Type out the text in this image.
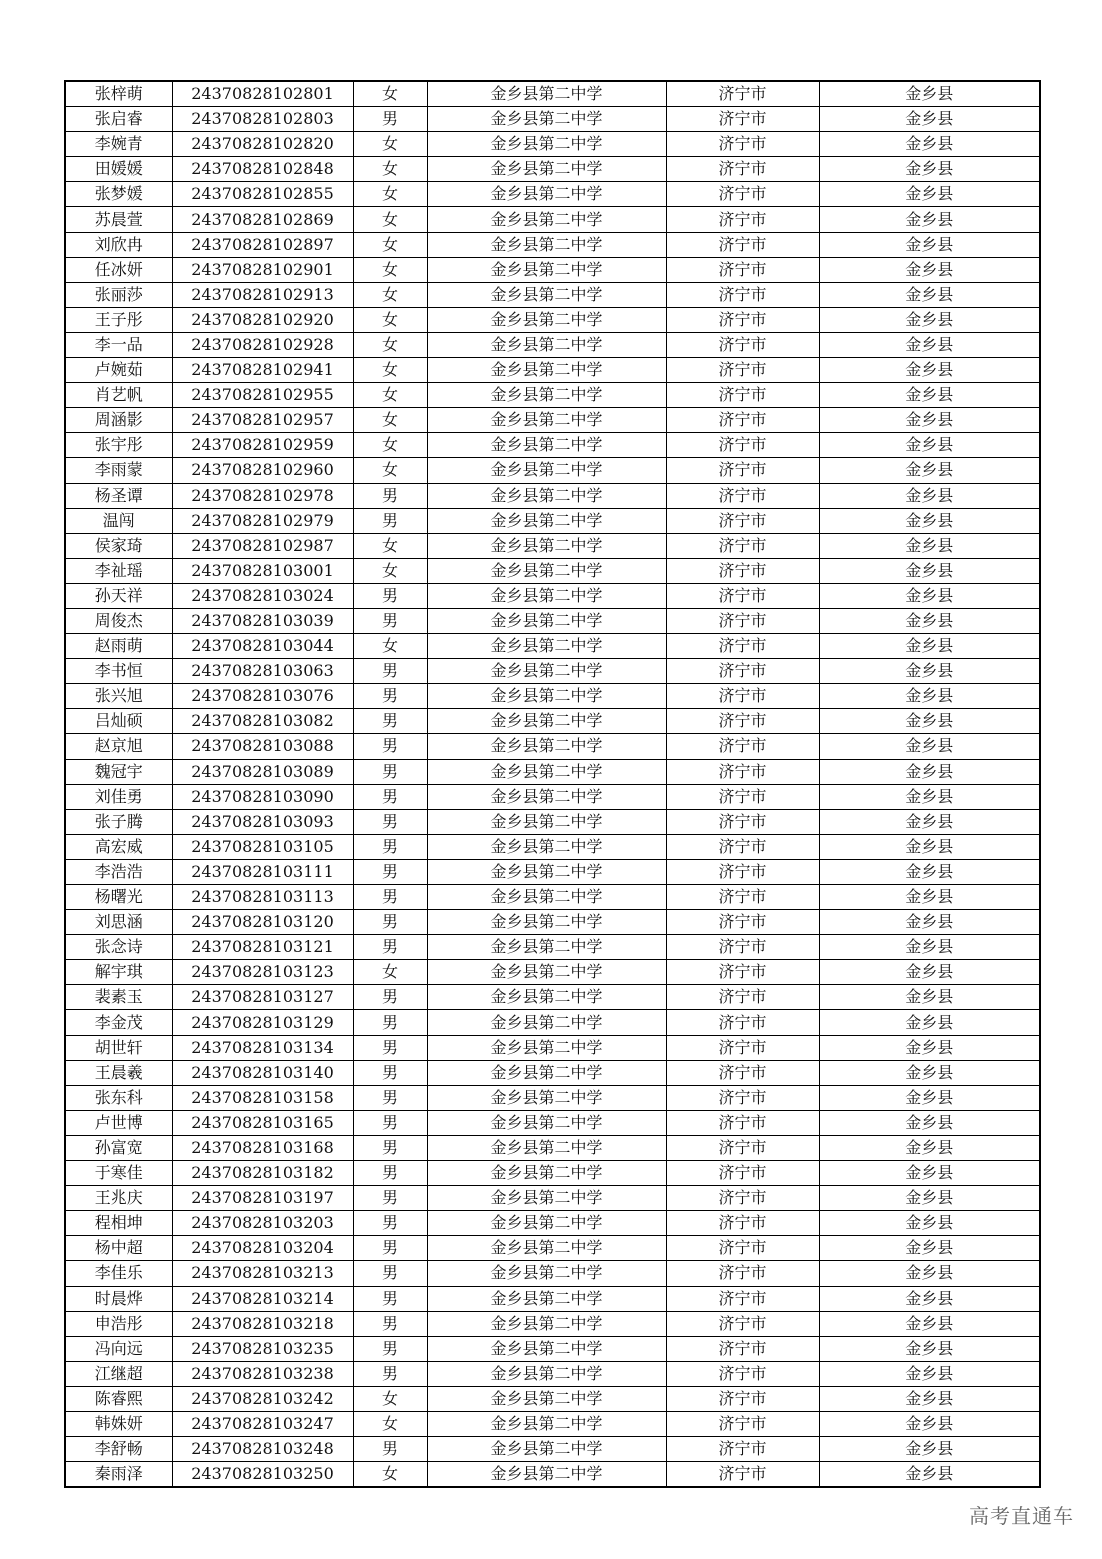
张梓萌	24370828102801	女	金乡县第二中学	济宁市	金乡县
张启睿	24370828102803	男	金乡县第二中学	济宁市	金乡县
李婉青	24370828102820	女	金乡县第二中学	济宁市	金乡县
田媛媛	24370828102848	女	金乡县第二中学	济宁市	金乡县
张梦媛	24370828102855	女	金乡县第二中学	济宁市	金乡县
苏晨萱	24370828102869	女	金乡县第二中学	济宁市	金乡县
刘欣冉	24370828102897	女	金乡县第二中学	济宁市	金乡县
任冰妍	24370828102901	女	金乡县第二中学	济宁市	金乡县
张丽莎	24370828102913	女	金乡县第二中学	济宁市	金乡县
王子彤	24370828102920	女	金乡县第二中学	济宁市	金乡县
李一品	24370828102928	女	金乡县第二中学	济宁市	金乡县
卢婉茹	24370828102941	女	金乡县第二中学	济宁市	金乡县
肖艺帆	24370828102955	女	金乡县第二中学	济宁市	金乡县
周涵影	24370828102957	女	金乡县第二中学	济宁市	金乡县
张宇彤	24370828102959	女	金乡县第二中学	济宁市	金乡县
李雨蒙	24370828102960	女	金乡县第二中学	济宁市	金乡县
杨圣谭	24370828102978	男	金乡县第二中学	济宁市	金乡县
温闯	24370828102979	男	金乡县第二中学	济宁市	金乡县
侯家琦	24370828102987	女	金乡县第二中学	济宁市	金乡县
李祉瑶	24370828103001	女	金乡县第二中学	济宁市	金乡县
孙天祥	24370828103024	男	金乡县第二中学	济宁市	金乡县
周俊杰	24370828103039	男	金乡县第二中学	济宁市	金乡县
赵雨萌	24370828103044	女	金乡县第二中学	济宁市	金乡县
李书恒	24370828103063	男	金乡县第二中学	济宁市	金乡县
张兴旭	24370828103076	男	金乡县第二中学	济宁市	金乡县
吕灿硕	24370828103082	男	金乡县第二中学	济宁市	金乡县
赵京旭	24370828103088	男	金乡县第二中学	济宁市	金乡县
魏冠宇	24370828103089	男	金乡县第二中学	济宁市	金乡县
刘佳勇	24370828103090	男	金乡县第二中学	济宁市	金乡县
张子腾	24370828103093	男	金乡县第二中学	济宁市	金乡县
高宏威	24370828103105	男	金乡县第二中学	济宁市	金乡县
李浩浩	24370828103111	男	金乡县第二中学	济宁市	金乡县
杨曙光	24370828103113	男	金乡县第二中学	济宁市	金乡县
刘思涵	24370828103120	男	金乡县第二中学	济宁市	金乡县
张念诗	24370828103121	男	金乡县第二中学	济宁市	金乡县
解宇琪	24370828103123	女	金乡县第二中学	济宁市	金乡县
裴素玉	24370828103127	男	金乡县第二中学	济宁市	金乡县
李金茂	24370828103129	男	金乡县第二中学	济宁市	金乡县
胡世轩	24370828103134	男	金乡县第二中学	济宁市	金乡县
王晨羲	24370828103140	男	金乡县第二中学	济宁市	金乡县
张东科	24370828103158	男	金乡县第二中学	济宁市	金乡县
卢世博	24370828103165	男	金乡县第二中学	济宁市	金乡县
孙富宽	24370828103168	男	金乡县第二中学	济宁市	金乡县
于寒佳	24370828103182	男	金乡县第二中学	济宁市	金乡县
王兆庆	24370828103197	男	金乡县第二中学	济宁市	金乡县
程相坤	24370828103203	男	金乡县第二中学	济宁市	金乡县
杨中超	24370828103204	男	金乡县第二中学	济宁市	金乡县
李佳乐	24370828103213	男	金乡县第二中学	济宁市	金乡县
时晨烨	24370828103214	男	金乡县第二中学	济宁市	金乡县
申浩彤	24370828103218	男	金乡县第二中学	济宁市	金乡县
冯向远	24370828103235	男	金乡县第二中学	济宁市	金乡县
江继超	24370828103238	男	金乡县第二中学	济宁市	金乡县
陈睿熙	24370828103242	女	金乡县第二中学	济宁市	金乡县
韩姝妍	24370828103247	女	金乡县第二中学	济宁市	金乡县
李舒畅	24370828103248	男	金乡县第二中学	济宁市	金乡县
秦雨泽	24370828103250	女	金乡县第二中学	济宁市	金乡县
高考直通车
